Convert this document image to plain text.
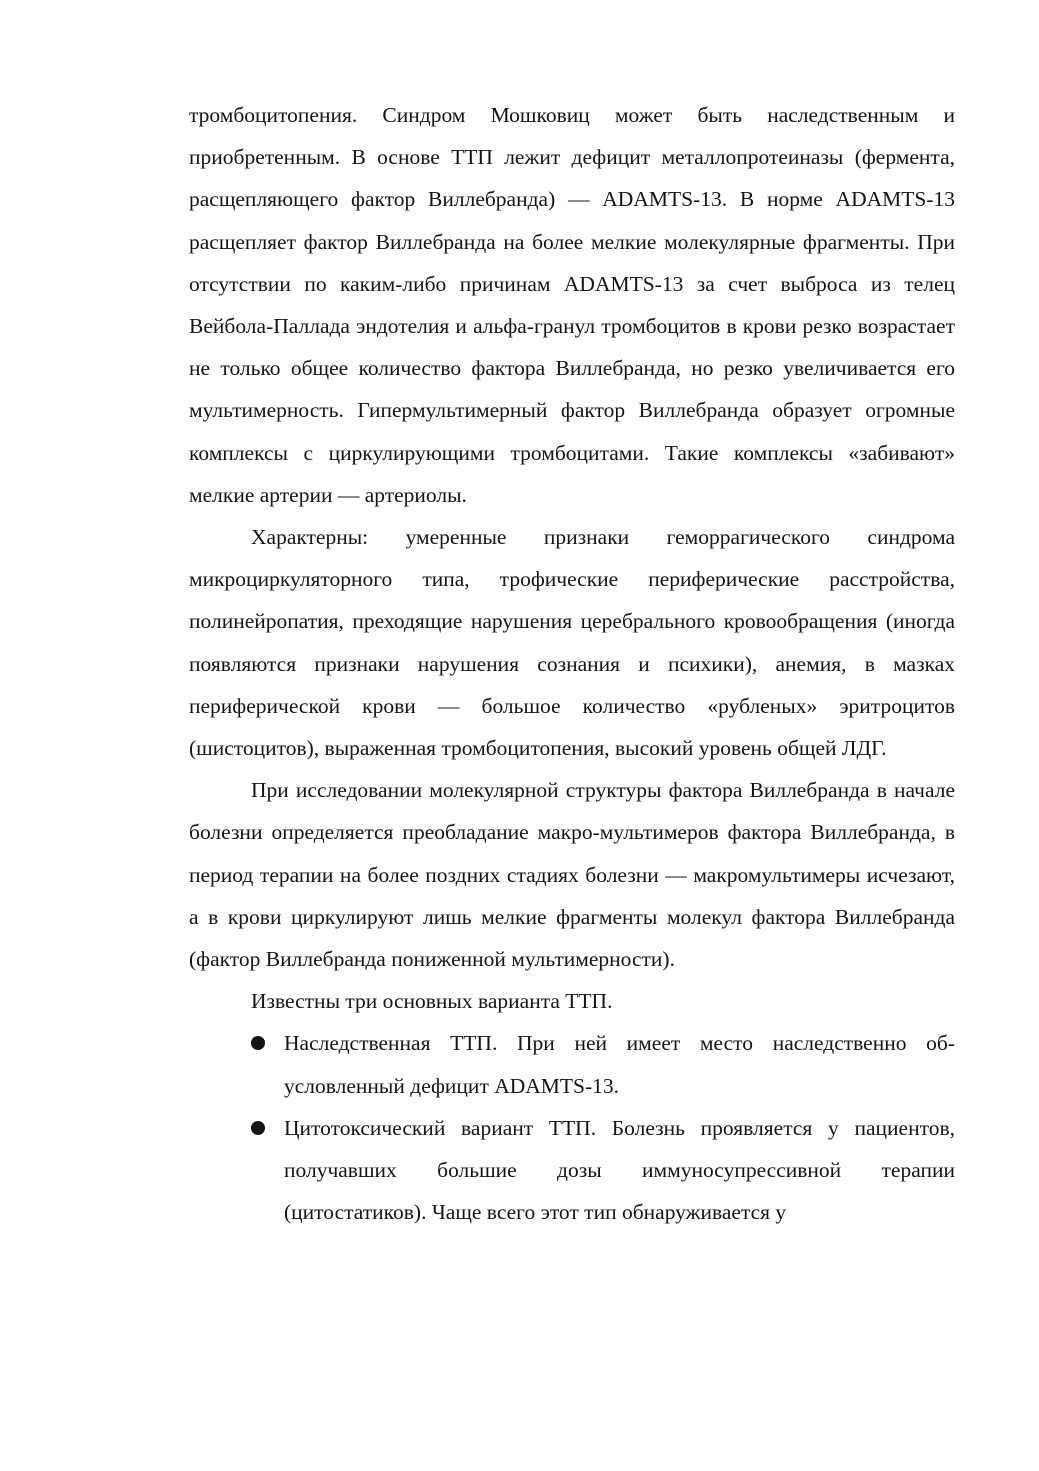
тромбоцитопения. Синдром Мошковиц может быть наследственным и приобретенным. В основе ТТП лежит дефицит металлопротеиназы (фермента, расщепляющего фактор Виллебранда) — ADAMTS-13. В норме ADAMTS-13 расщепляет фактор Виллебранда на более мелкие молекулярные фрагменты. При отсутствии по каким-либо причинам ADAMTS-13 за счет выброса из телец Вейбола-Паллада эндотелия и альфа-гранул тромбоцитов в крови резко возрастает не только общее количество фактора Виллебранда, но резко увеличивается его мультимерность. Гипермультимерный фактор Виллебранда образует огромные комплексы с циркулирующими тромбоцитами. Такие комплексы «забивают» мелкие артерии — артериолы.

Характерны: умеренные признаки геморрагического синдрома микроциркуляторного типа, трофические периферические расстройства, полинейропатия, преходящие нарушения церебрального кровообращения (иногда появляются признаки нарушения сознания и психики), анемия, в мазках периферической крови — большое количество «рубленых» эритроцитов (шистоцитов), выраженная тромбоцитопения, высокий уровень общей ЛДГ.

При исследовании молекулярной структуры фактора Виллебранда в начале болезни определяется преобладание макро-мультимеров фактора Виллебранда, в период терапии на более поздних стадиях болезни — макромультимеры исчезают, а в крови циркулируют лишь мелкие фрагменты молекул фактора Виллебранда (фактор Виллебранда пониженной мультимерности).

Известны три основных варианта ТТП.

Наследственная ТТП. При ней имеет место наследственно об-условленный дефицит ADAMTS-13.
Цитотоксический вариант ТТП. Болезнь проявляется у пациентов, получавших большие дозы иммуносупрессивной терапии (цитостатиков). Чаще всего этот тип обнаруживается у
